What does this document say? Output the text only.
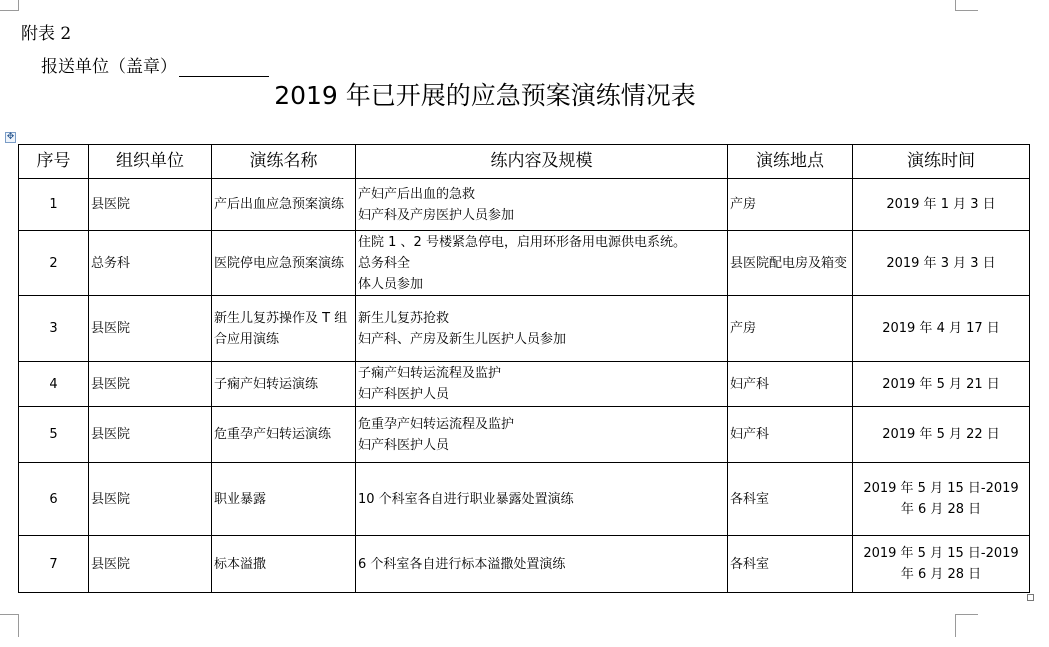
附表 2
报送单位（盖章）
2019 年已开展的应急预案演练情况表
✥
序号	组织单位	演练名称	练内容及规模	演练地点	演练时间
1	县医院	产后出血应急预案演练	产妇产后出血的急救
妇产科及产房医护人员参加	产房	2019 年 1 月 3 日
2	总务科	医院停电应急预案演练	住院 1 、2 号楼紧急停电，启用环形备用电源供电系统。
总务科全
体人员参加	县医院配电房及箱变	2019 年 3 月 3 日
3	县医院	新生儿复苏操作及 T 组合应用演练	新生儿复苏抢救
妇产科、产房及新生儿医护人员参加	产房	2019 年 4 月 17 日
4	县医院	子痫产妇转运演练	子痫产妇转运流程及监护
妇产科医护人员	妇产科	2019 年 5 月 21 日
5	县医院	危重孕产妇转运演练	危重孕产妇转运流程及监护
妇产科医护人员	妇产科	2019 年 5 月 22 日
6	县医院	职业暴露	10 个科室各自进行职业暴露处置演练	各科室	2019 年 5 月 15 日-2019 年 6 月 28 日
7	县医院	标本溢撒	6 个科室各自进行标本溢撒处置演练	各科室	2019 年 5 月 15 日-2019 年 6 月 28 日
